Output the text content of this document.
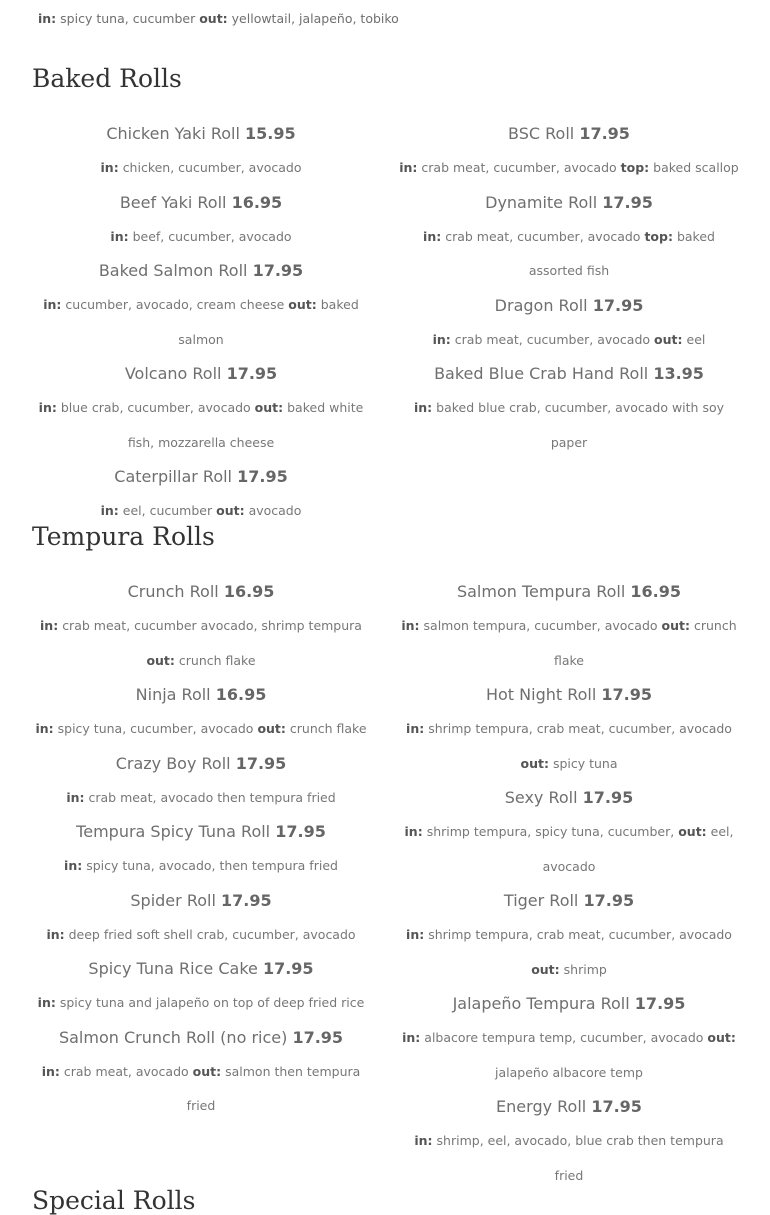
in: spicy tuna, cucumber out: yellowtail, jalapeño, tobiko
Baked Rolls
Chicken Yaki Roll 15.95
in: chicken, cucumber, avocado
Beef Yaki Roll 16.95
in: beef, cucumber, avocado
Baked Salmon Roll 17.95
in: cucumber, avocado, cream cheese out: baked salmon
Volcano Roll 17.95
in: blue crab, cucumber, avocado out: baked white fish, mozzarella cheese
Caterpillar Roll 17.95
in: eel, cucumber out: avocado
BSC Roll 17.95
in: crab meat, cucumber, avocado top: baked scallop
Dynamite Roll 17.95
in: crab meat, cucumber, avocado top: baked assorted fish
Dragon Roll 17.95
in: crab meat, cucumber, avocado out: eel
Baked Blue Crab Hand Roll 13.95
in: baked blue crab, cucumber, avocado with soy paper
Tempura Rolls
Crunch Roll 16.95
in: crab meat, cucumber avocado, shrimp tempura out: crunch flake
Ninja Roll 16.95
in: spicy tuna, cucumber, avocado out: crunch flake
Crazy Boy Roll 17.95
in: crab meat, avocado then tempura fried
Tempura Spicy Tuna Roll 17.95
in: spicy tuna, avocado, then tempura fried
Spider Roll 17.95
in: deep fried soft shell crab, cucumber, avocado
Spicy Tuna Rice Cake 17.95
in: spicy tuna and jalapeño on top of deep fried rice
Salmon Crunch Roll (no rice) 17.95
in: crab meat, avocado out: salmon then tempura fried
Salmon Tempura Roll 16.95
in: salmon tempura, cucumber, avocado out: crunch flake
Hot Night Roll 17.95
in: shrimp tempura, crab meat, cucumber, avocado out: spicy tuna
Sexy Roll 17.95
in: shrimp tempura, spicy tuna, cucumber, out: eel, avocado
Tiger Roll 17.95
in: shrimp tempura, crab meat, cucumber, avocado out: shrimp
Jalapeño Tempura Roll 17.95
in: albacore tempura temp, cucumber, avocado out: jalapeño albacore temp
Energy Roll 17.95
in: shrimp, eel, avocado, blue crab then tempura fried
Special Rolls
